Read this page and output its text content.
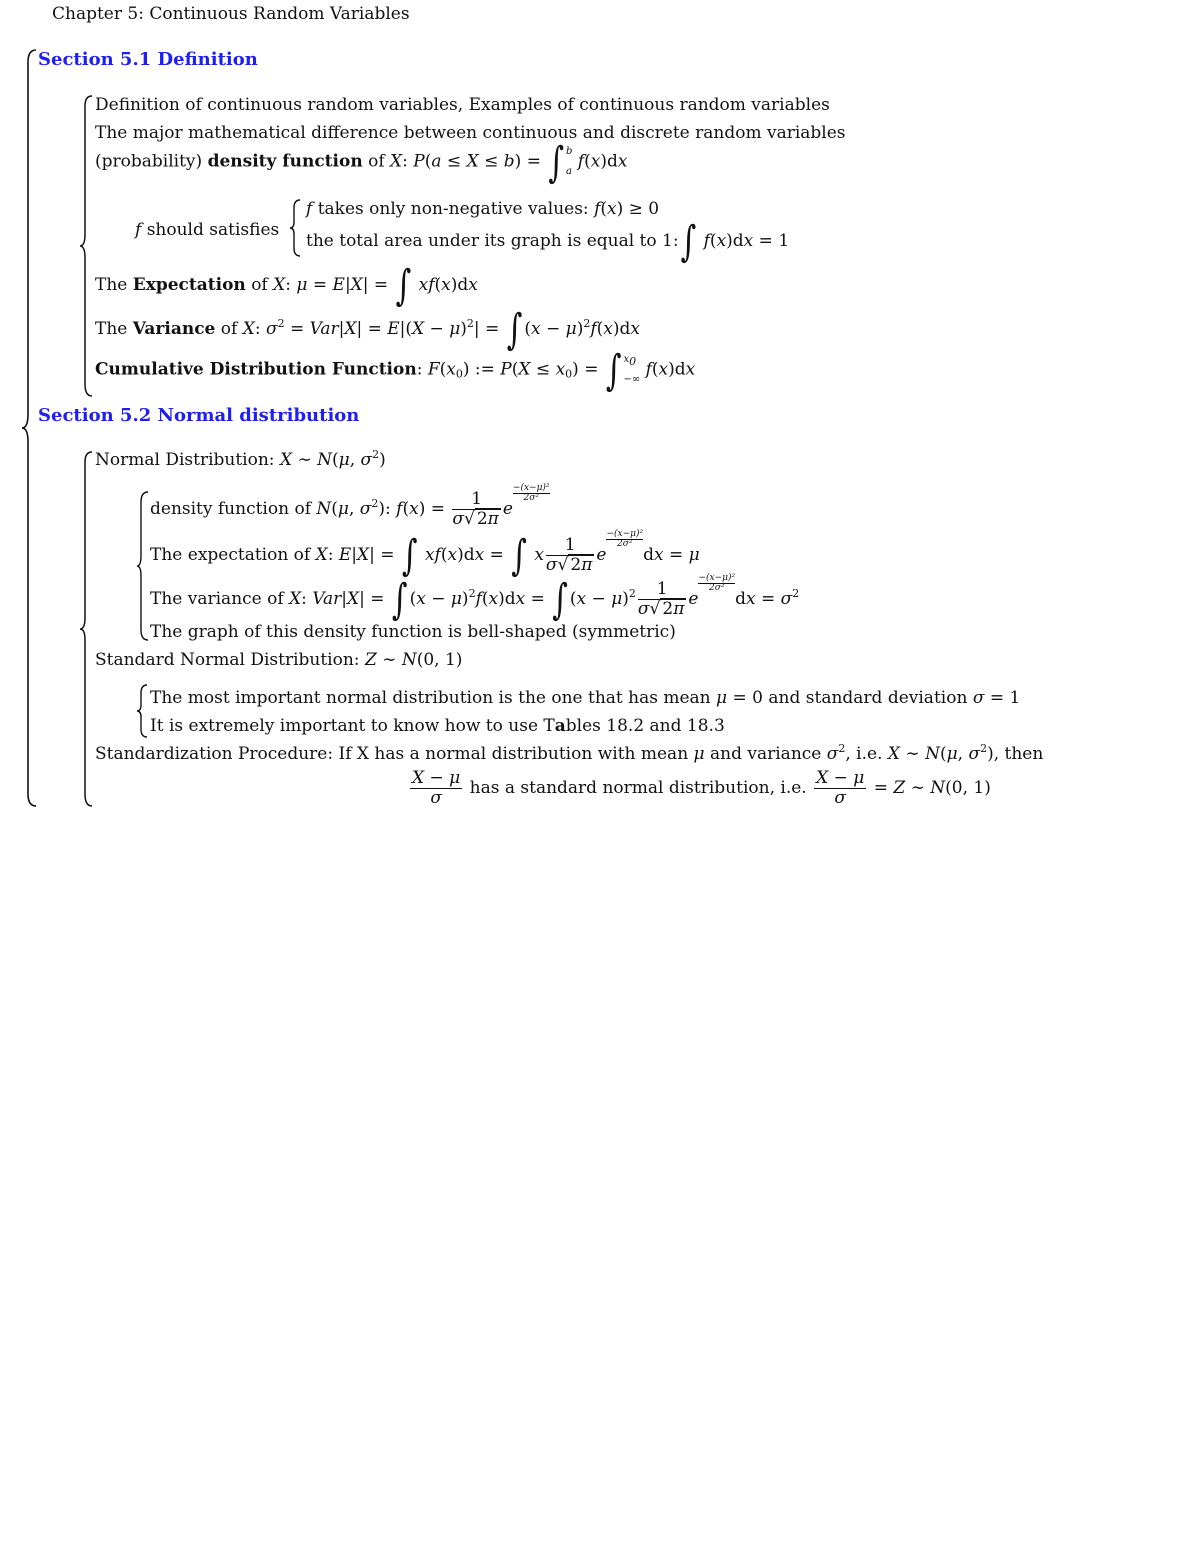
Chapter 5: Continuous Random Variables
Section 5.1 Definition
Definition of continuous random variables, Examples of continuous random variables
The major mathematical difference between continuous and discrete random variables
(probability) density function of X: P(a ≤ X ≤ b) = ∫ b

a f(x)dx
f should satisfies
f takes only non-negative values: f(x) ≥ 0
the total area under its graph is equal to 1:∫ f(x)dx = 1
The Expectation of X: μ = E|X| = ∫ xf(x)dx
The Variance of X: $\sigma^2 = Var|X| = E|(X - \mu)^2|$ = ∫ $(x - \mu)^2f(x)dx$
Cumulative Distribution Function: $F(x_0)$ := $P(X \le x_0)$ = ∫ $x_0$

−∞ f(x)dx
Section 5.2 Normal distribution
Normal Distribution: X ∼ N(μ, $\sigma^2$)
density function of N(μ, $\sigma^2$): $f(x) = \frac{1}{\sigma√ 2\pi}$ e
$\frac{\text{−(x−μ)²}}{\text{2σ²}}$
The expectation of X: E|X| = ∫ xf(x)dx = ∫ x $\frac{1}{\sigma√ 2\pi}$ e
$\frac{\text{−(x−μ)²}}{\text{2σ²}}dx = \mu$
The variance of X: Var|X| = ∫ $(x - \mu)^2f(x)dx$ = ∫ $(x - \mu)^2 \frac{1}{\sigma√ 2\pi}$ e
$\frac{\text{−(x−μ)²}}{\text{2σ²}}dx = \sigma^2$
The graph of this density function is bell-shaped (symmetric)
Standard Normal Distribution: Z ∼ N(0, 1)
The most important normal distribution is the one that has mean μ = 0 and standard deviation σ = 1
It is extremely important to know how to use Tables 18.2 and 18.3
Standardization Procedure: If X has a normal distribution with mean μ and variance $\sigma^2$, i.e. X ∼ N(μ, $\sigma^2$), then
$\frac{X - \mu}{\sigma}$ has a standard normal distribution, i.e. $\frac{X - \mu}{\sigma} = Z$ ∼ N(0, 1)
